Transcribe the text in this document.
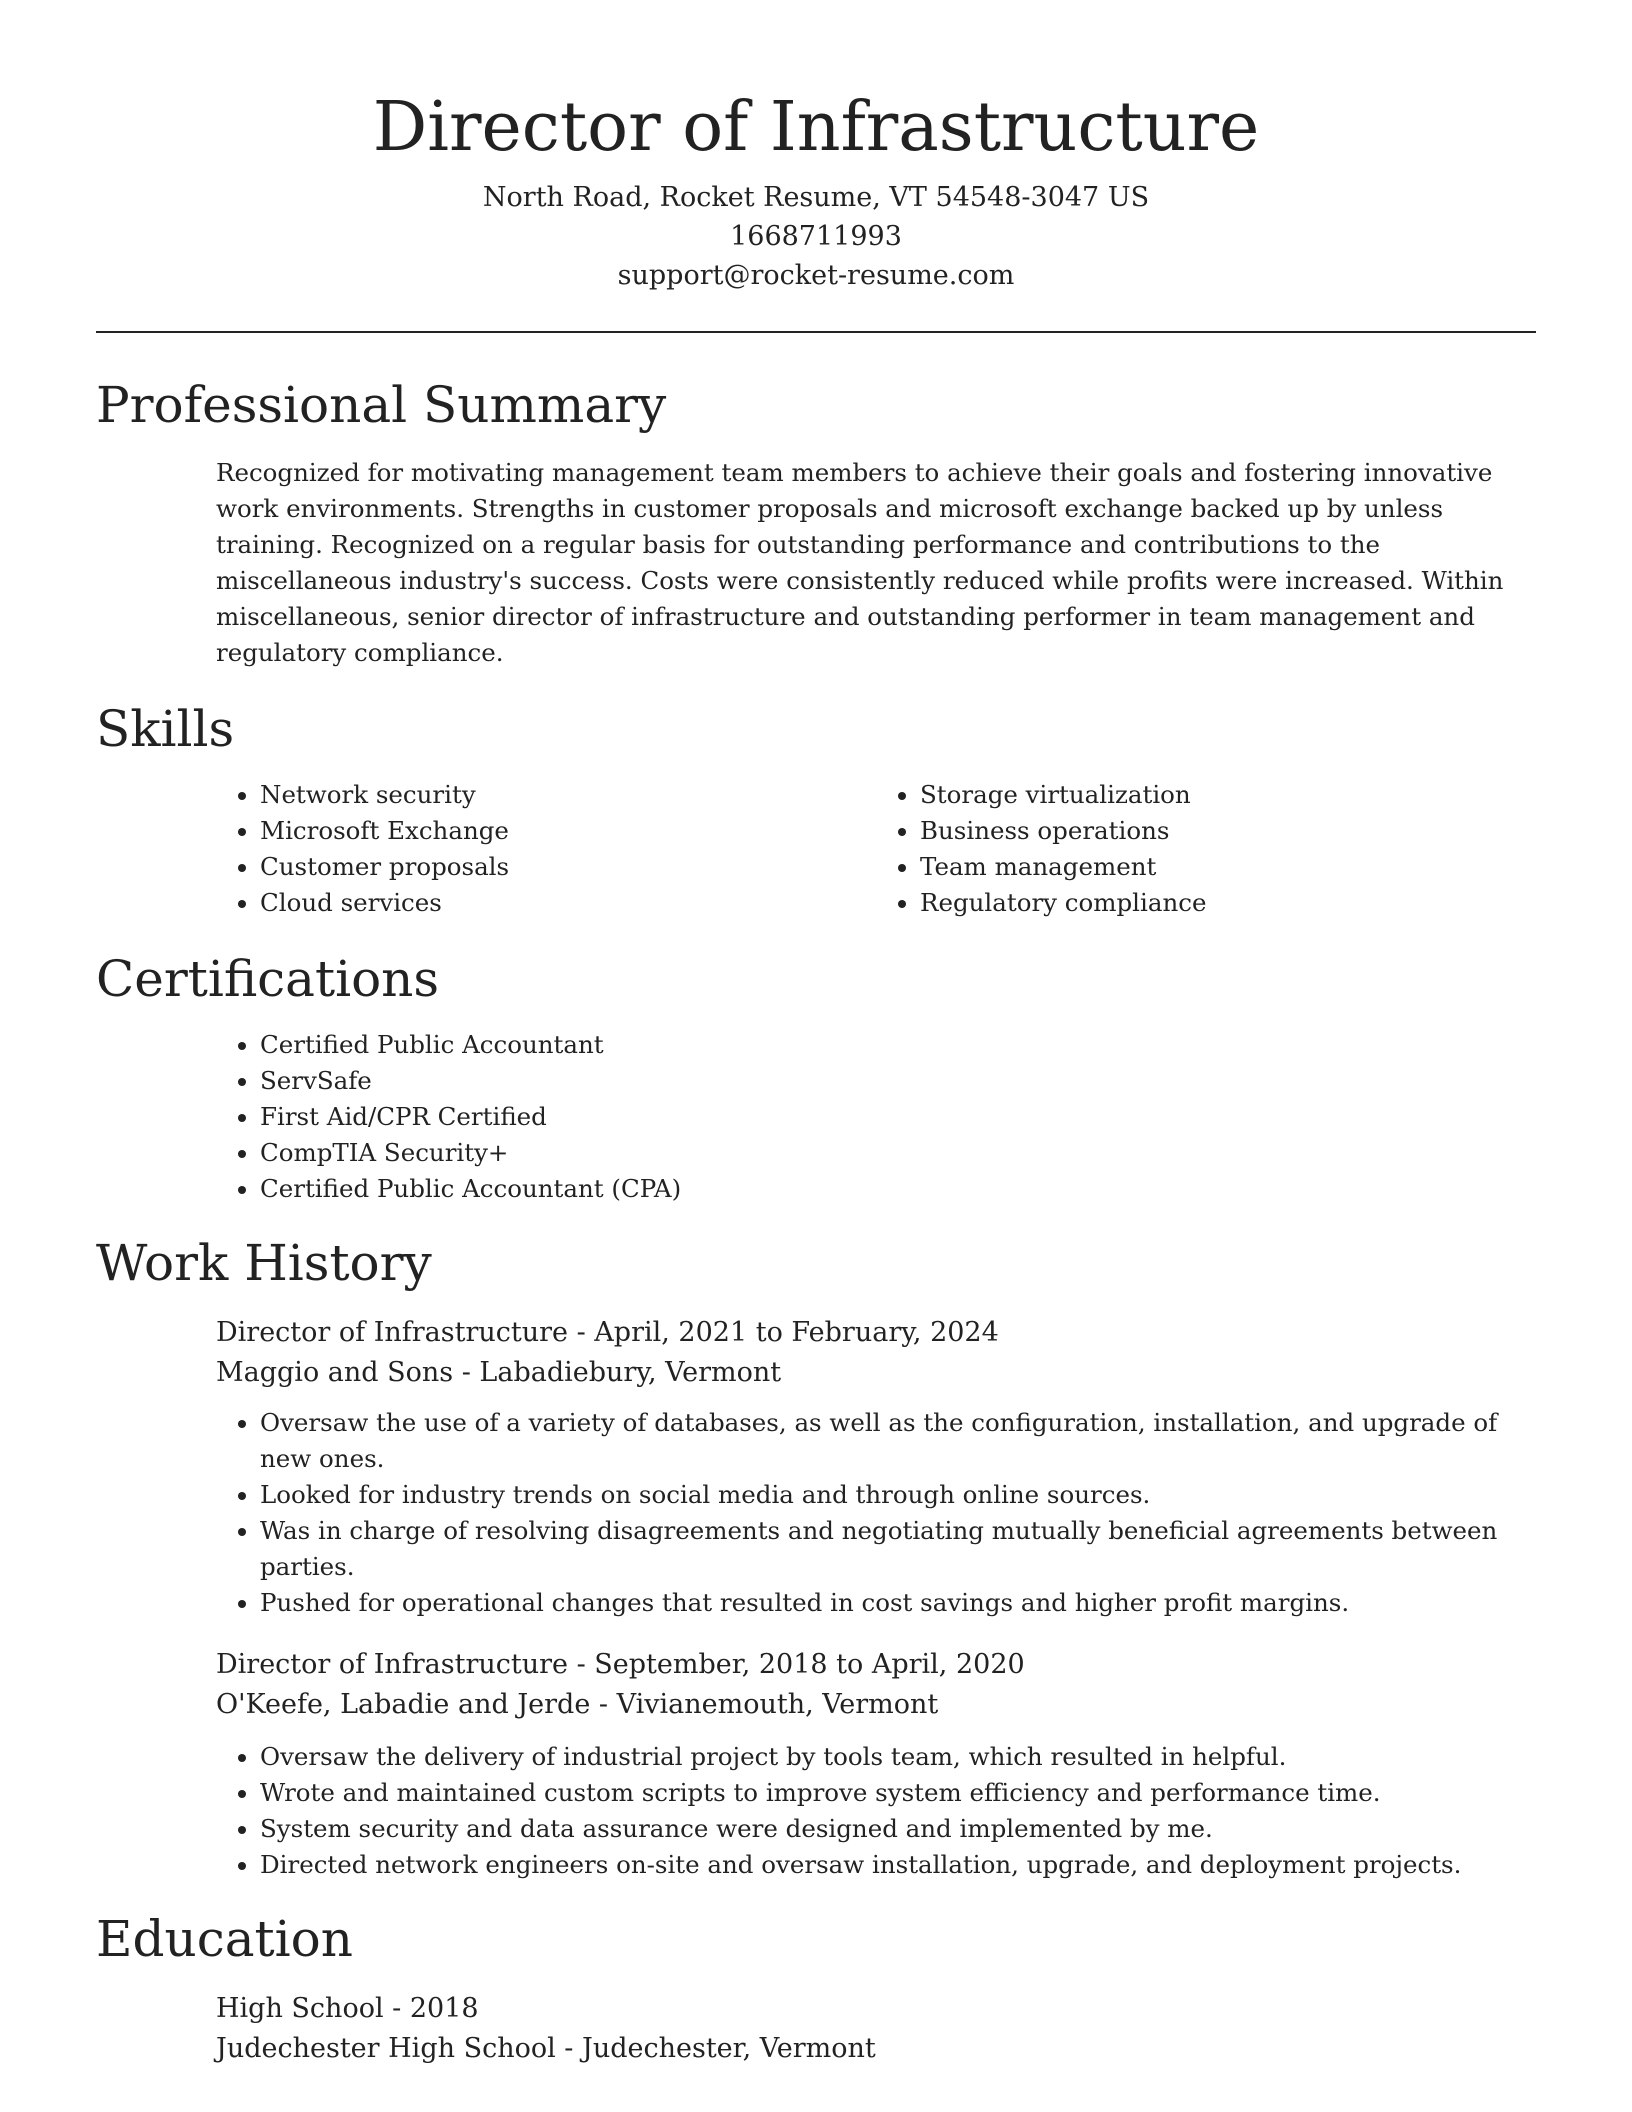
Director of Infrastructure
North Road, Rocket Resume, VT 54548-3047 US
1668711993
support@rocket-resume.com
Professional Summary
Recognized for motivating management team members to achieve their goals and fostering innovative work environments. Strengths in customer proposals and microsoft exchange backed up by unless training. Recognized on a regular basis for outstanding performance and contributions to the miscellaneous industry's success. Costs were consistently reduced while profits were increased. Within miscellaneous, senior director of infrastructure and outstanding performer in team management and regulatory compliance.
Skills
• Network security
• Microsoft Exchange
• Customer proposals
• Cloud services
• Storage virtualization
• Business operations
• Team management
• Regulatory compliance
Certifications
• Certified Public Accountant
• ServSafe
• First Aid/CPR Certified
• CompTIA Security+
• Certified Public Accountant (CPA)
Work History
Director of Infrastructure - April, 2021 to February, 2024
Maggio and Sons - Labadiebury, Vermont
• Oversaw the use of a variety of databases, as well as the configuration, installation, and upgrade of new ones.
• Looked for industry trends on social media and through online sources.
• Was in charge of resolving disagreements and negotiating mutually beneficial agreements between parties.
• Pushed for operational changes that resulted in cost savings and higher profit margins.
Director of Infrastructure - September, 2018 to April, 2020
O'Keefe, Labadie and Jerde - Vivianemouth, Vermont
• Oversaw the delivery of industrial project by tools team, which resulted in helpful.
• Wrote and maintained custom scripts to improve system efficiency and performance time.
• System security and data assurance were designed and implemented by me.
• Directed network engineers on-site and oversaw installation, upgrade, and deployment projects.
Education
High School - 2018
Judechester High School - Judechester, Vermont
